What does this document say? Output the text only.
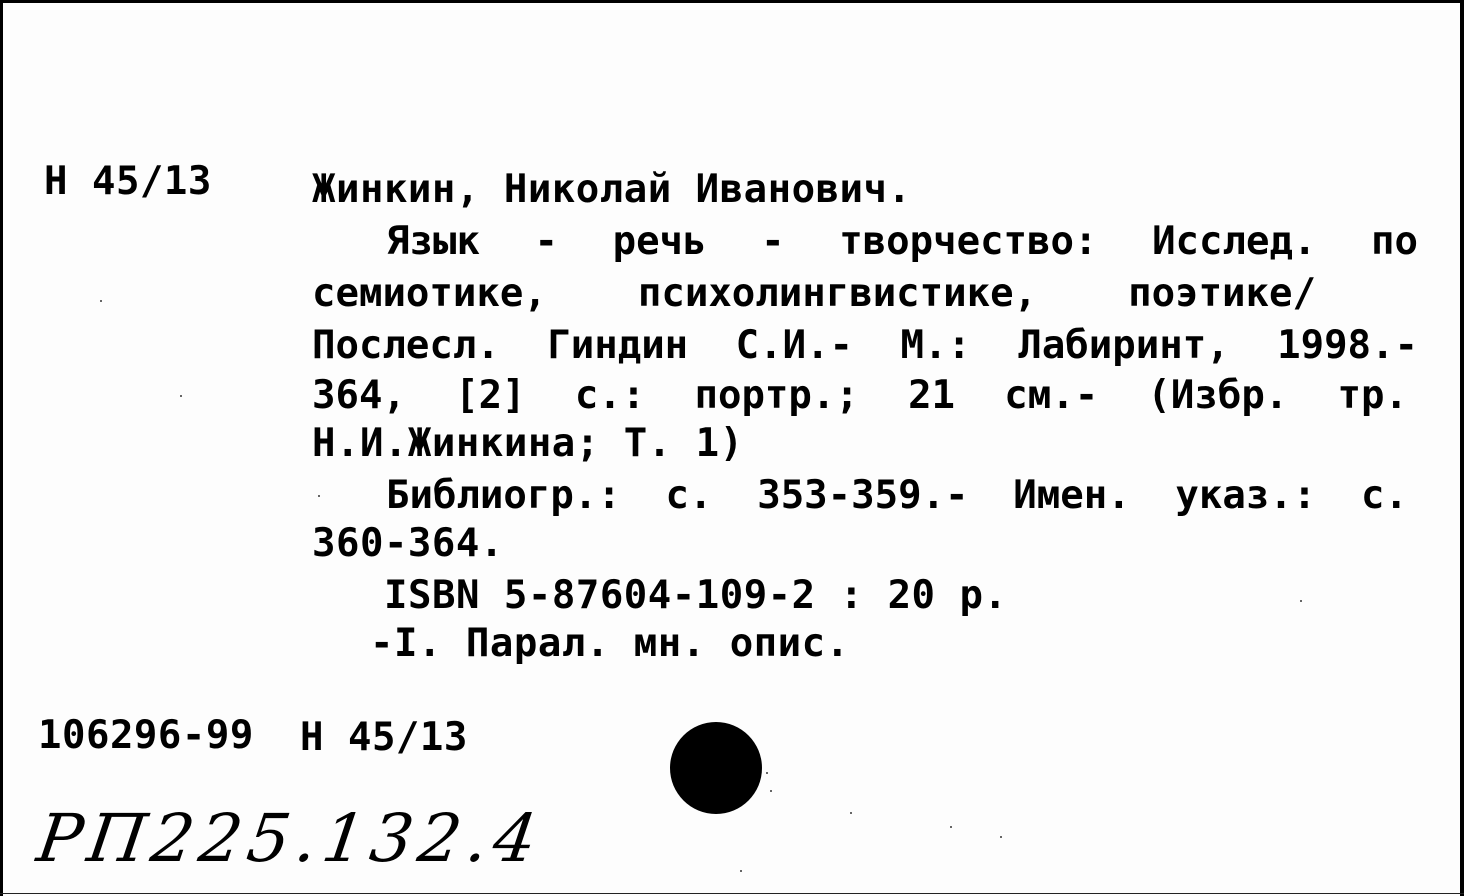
Н 45/13	Жинкин, Николай Иванович.
Язык - речь - творчество: Исслед. по
семиотике, психолингвистике, поэтике/
Послесл. Гиндин С.И.- М.: Лабиринт, 1998.-
364, [2] с.: портр.; 21 см.- (Избр. тр.
Н.И.Жинкина; Т. 1)
Библиогр.: с. 353-359.- Имен. указ.: с.
360-364.
ISBN 5-87604-109-2 : 20 р.
-I. Парал. мн. опис.
106296-99 Н 45/13
РП225.132.4
